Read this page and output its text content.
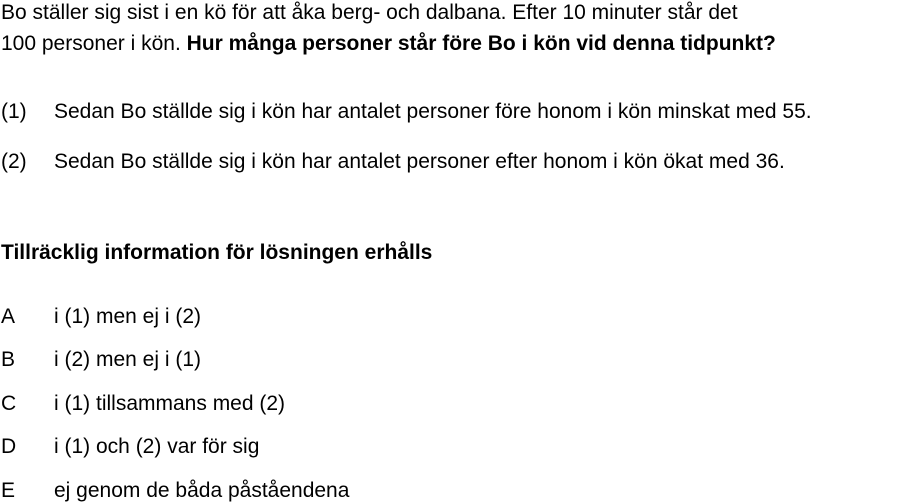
Bo ställer sig sist i en kö för att åka berg- och dalbana. Efter 10 minuter står det
100 personer i kön. Hur många personer står före Bo i kön vid denna tidpunkt?
(1) Sedan Bo ställde sig i kön har antalet personer före honom i kön minskat med 55.
(2) Sedan Bo ställde sig i kön har antalet personer efter honom i kön ökat med 36.
Tillräcklig information för lösningen erhålls
A i (1) men ej i (2)
B i (2) men ej i (1)
C i (1) tillsammans med (2)
D i (1) och (2) var för sig
E ej genom de båda påståendena
